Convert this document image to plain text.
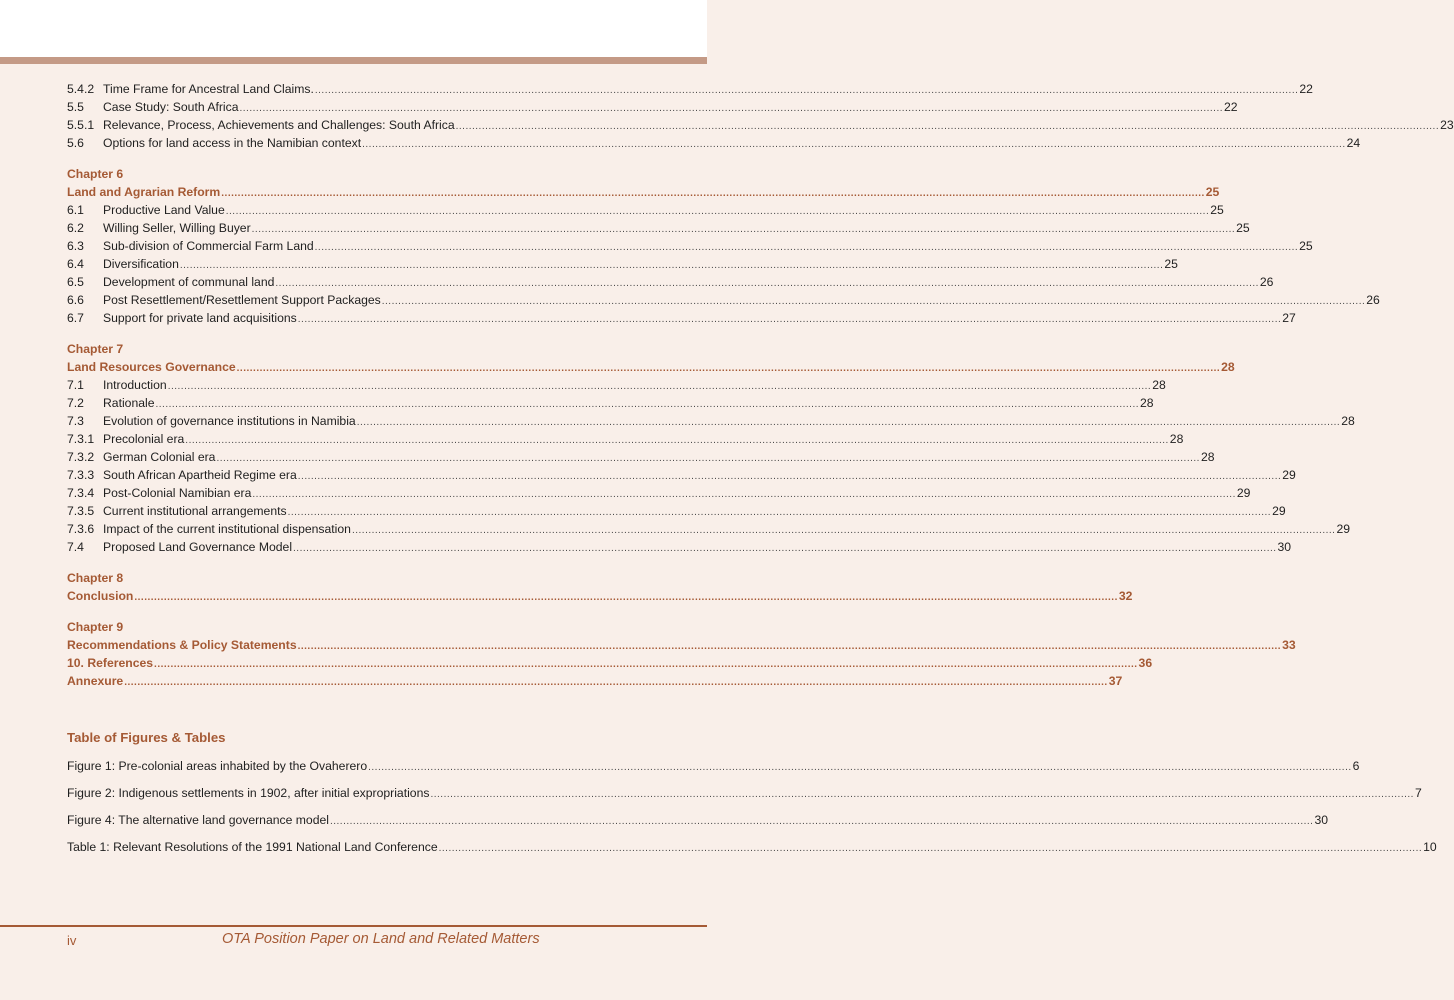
5.4.2 Time Frame for Ancestral Land Claims. ............................................................................................................................................................................................................................................................................................................ 22
5.5	Case Study: South Africa ............................................................................................................................................................................................................................................................................................................ 22
5.5.1 Relevance, Process, Achievements and Challenges: South Africa ............................................................................................................................................................................................................................................................................................................ 23
5.6	Options for land access in the Namibian context ............................................................................................................................................................................................................................................................................................................ 24
Chapter 6
Land and Agrarian Reform ............................................................................................................................................................................................................................................................................................................ 25
6.1	Productive Land Value ............................................................................................................................................................................................................................................................................................................ 25
6.2	Willing Seller, Willing Buyer ............................................................................................................................................................................................................................................................................................................ 25
6.3	Sub-division of Commercial Farm Land ............................................................................................................................................................................................................................................................................................................ 25
6.4	Diversification ............................................................................................................................................................................................................................................................................................................ 25
6.5	Development of communal land ............................................................................................................................................................................................................................................................................................................ 26
6.6	Post Resettlement/Resettlement Support Packages ............................................................................................................................................................................................................................................................................................................ 26
6.7	Support for private land acquisitions ............................................................................................................................................................................................................................................................................................................ 27
Chapter 7
Land Resources Governance ............................................................................................................................................................................................................................................................................................................ 28
7.1	Introduction ............................................................................................................................................................................................................................................................................................................ 28
7.2	Rationale ............................................................................................................................................................................................................................................................................................................ 28
7.3	Evolution of governance institutions in Namibia ............................................................................................................................................................................................................................................................................................................ 28
7.3.1 Precolonial era ............................................................................................................................................................................................................................................................................................................ 28
7.3.2 German Colonial era ............................................................................................................................................................................................................................................................................................................ 28
7.3.3 South African Apartheid Regime era ............................................................................................................................................................................................................................................................................................................ 29
7.3.4 Post-Colonial Namibian era ............................................................................................................................................................................................................................................................................................................ 29
7.3.5 Current institutional arrangements ............................................................................................................................................................................................................................................................................................................ 29
7.3.6 Impact of the current institutional dispensation ............................................................................................................................................................................................................................................................................................................ 29
7.4	Proposed Land Governance Model ............................................................................................................................................................................................................................................................................................................ 30
Chapter 8
Conclusion ............................................................................................................................................................................................................................................................................................................ 32
Chapter 9
Recommendations & Policy Statements ............................................................................................................................................................................................................................................................................................................ 33
10. References ............................................................................................................................................................................................................................................................................................................ 36
Annexure ............................................................................................................................................................................................................................................................................................................ 37
Table of Figures & Tables
Figure 1: Pre-colonial areas inhabited by the Ovaherero ............................................................................................................................................................................................................................................................................................................ 6
Figure 2: Indigenous settlements in 1902, after initial expropriations ............................................................................................................................................................................................................................................................................................................ 7
Figure 4: The alternative land governance model ............................................................................................................................................................................................................................................................................................................ 30
Table 1: Relevant Resolutions of the 1991 National Land Conference ............................................................................................................................................................................................................................................................................................................ 10
iv	OTA Position Paper on Land and Related Matters
